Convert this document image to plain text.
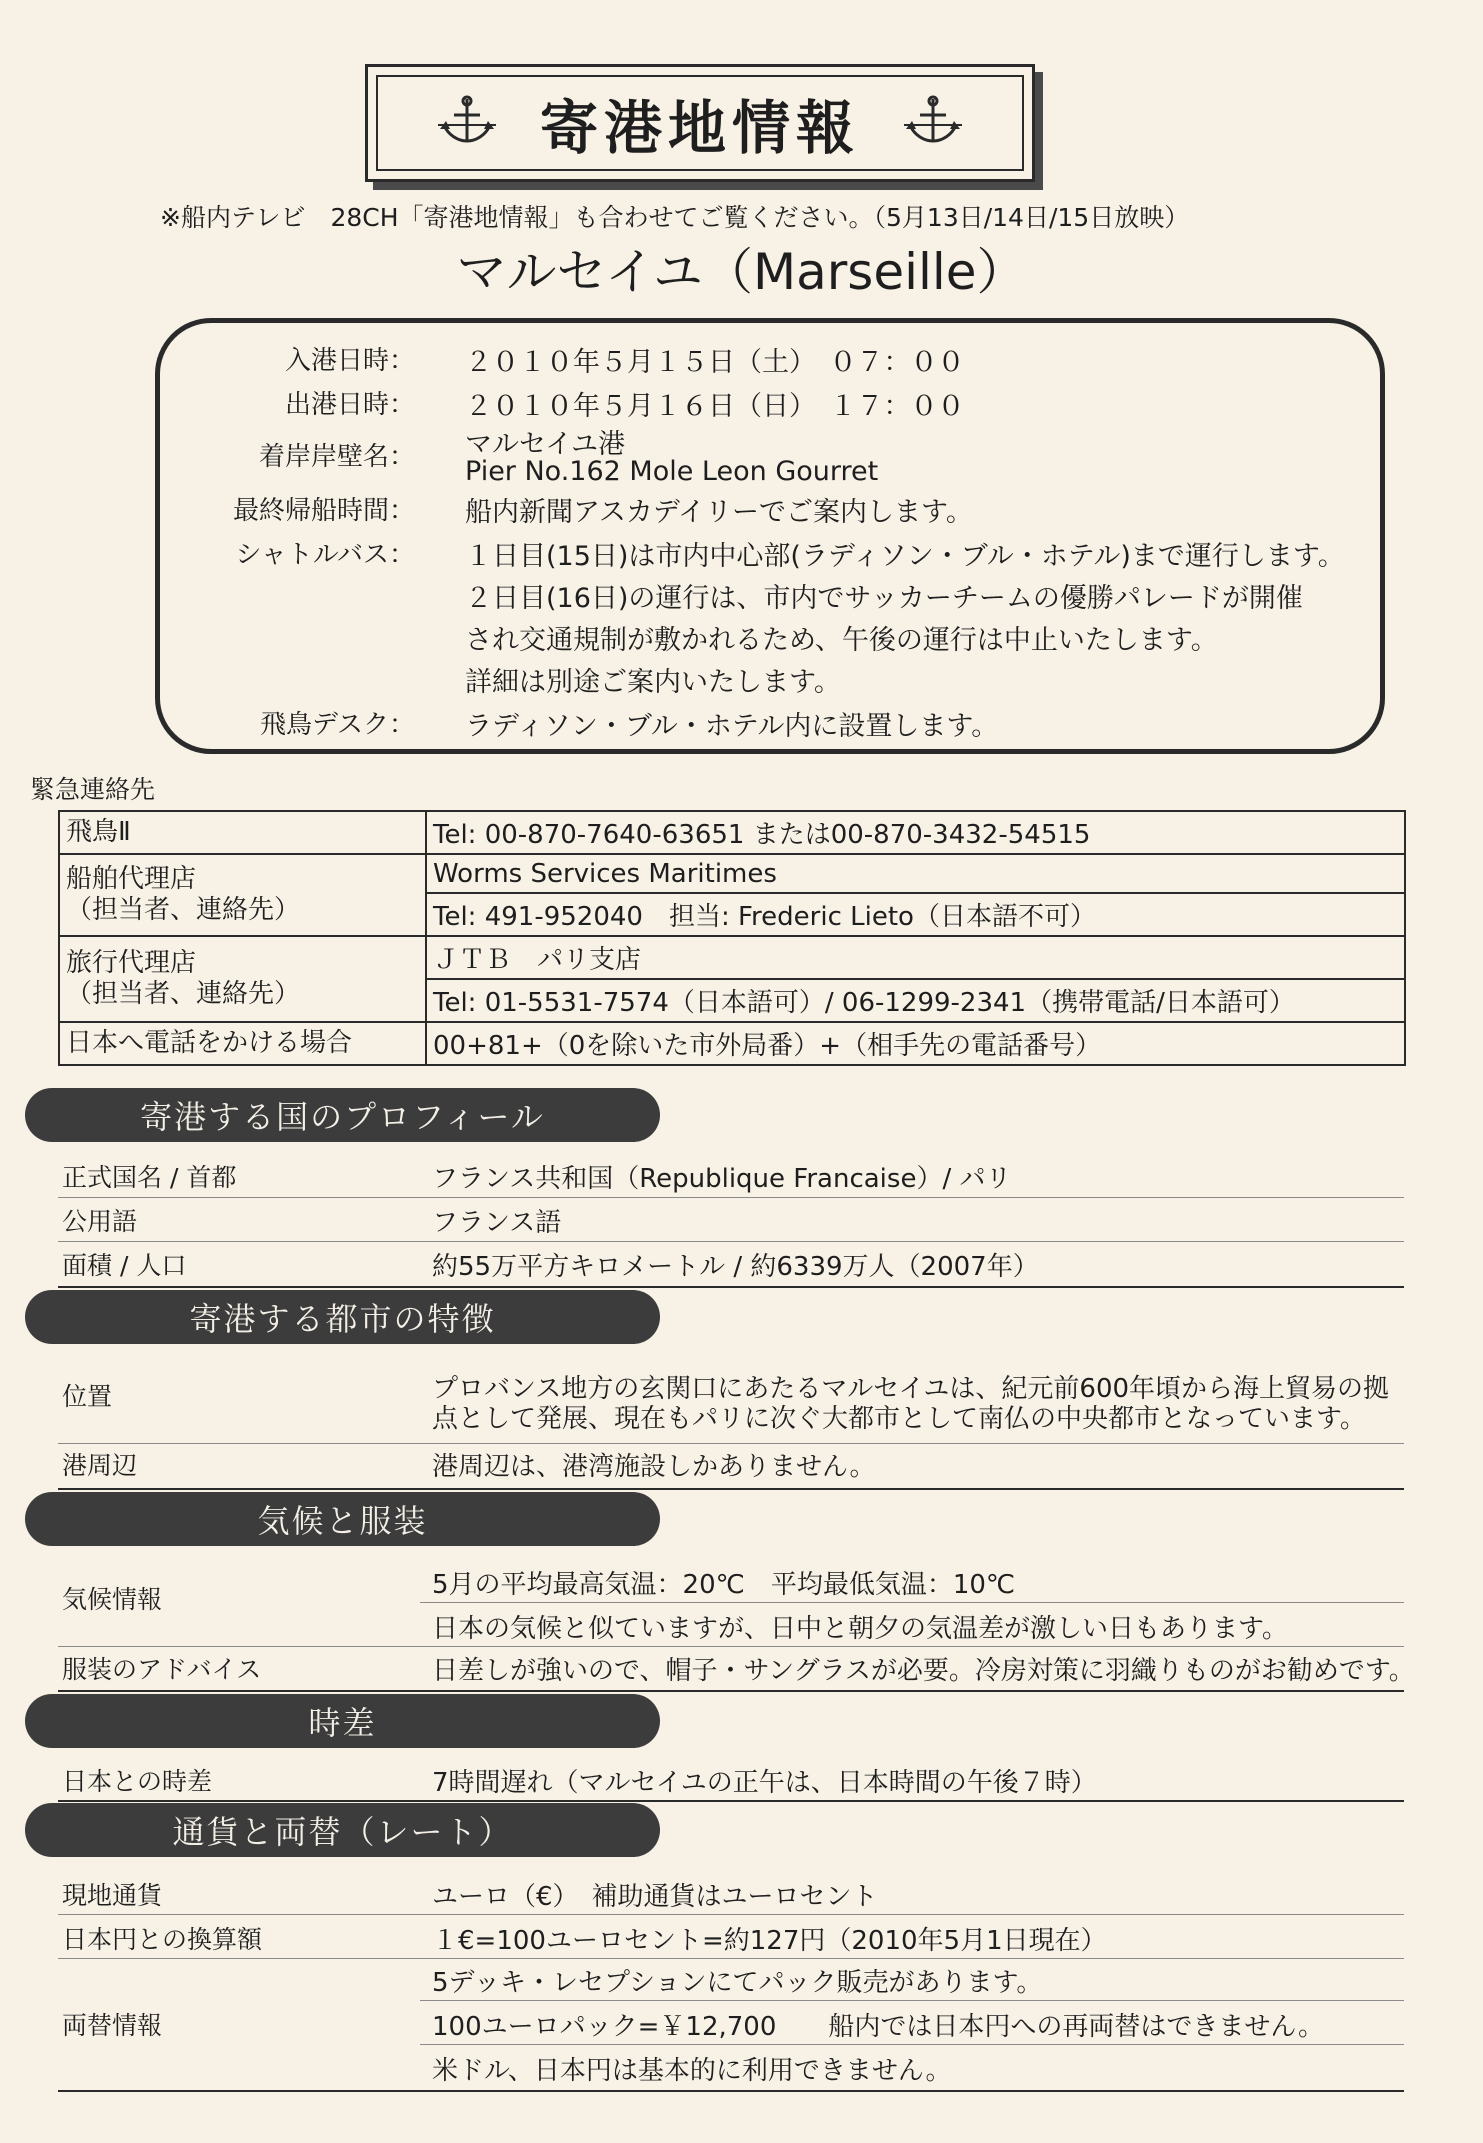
寄港地情報
※船内テレビ　28CH「寄港地情報」も合わせてご覧ください。（5月13日/14日/15日放映）
マルセイユ（Marseille）
入港日時： ２０１０年５月１５日（土）　０７：００
出港日時： ２０１０年５月１６日（日）　１７：００
着岸岸壁名： マルセイユ港
Pier No.162 Mole Leon Gourret
最終帰船時間： 船内新聞アスカデイリーでご案内します。
シャトルバス： １日目(15日)は市内中心部(ラディソン・ブル・ホテル)まで運行します。
２日目(16日)の運行は、市内でサッカーチームの優勝パレードが開催
され交通規制が敷かれるため、午後の運行は中止いたします。
詳細は別途ご案内いたします。
飛鳥デスク： ラディソン・ブル・ホテル内に設置します。
緊急連絡先
飛鳥Ⅱ	Tel: 00-870-7640-63651 または00-870-3432-54515
船舶代理店
（担当者、連絡先）	Worms Services Maritimes
	Tel: 491-952040　担当: Frederic Lieto（日本語不可）
旅行代理店
（担当者、連絡先）	ＪＴＢ　パリ支店
	Tel: 01-5531-7574（日本語可）/ 06-1299-2341（携帯電話/日本語可）
日本へ電話をかける場合	00+81+（0を除いた市外局番）+（相手先の電話番号）
寄港する国のプロフィール
正式国名 / 首都	フランス共和国（Republique Francaise）/ パリ
公用語	フランス語
面積 / 人口	約55万平方キロメートル / 約6339万人（2007年）
寄港する都市の特徴
位置	プロバンス地方の玄関口にあたるマルセイユは、紀元前600年頃から海上貿易の拠
点として発展、現在もパリに次ぐ大都市として南仏の中央都市となっています。
港周辺	港周辺は、港湾施設しかありません。
気候と服装
気候情報	5月の平均最高気温：20℃　平均最低気温：10℃
日本の気候と似ていますが、日中と朝夕の気温差が激しい日もあります。
服装のアドバイス	日差しが強いので、帽子・サングラスが必要。冷房対策に羽織りものがお勧めです。
時差
日本との時差	7時間遅れ（マルセイユの正午は、日本時間の午後７時）
通貨と両替（レート）
現地通貨	ユーロ（€）　補助通貨はユーロセント
日本円との換算額	１€=100ユーロセント=約127円（2010年5月1日現在）
両替情報
5デッキ・レセプションにてパック販売があります。
100ユーロパック=￥12,700　　船内では日本円への再両替はできません。
米ドル、日本円は基本的に利用できません。
